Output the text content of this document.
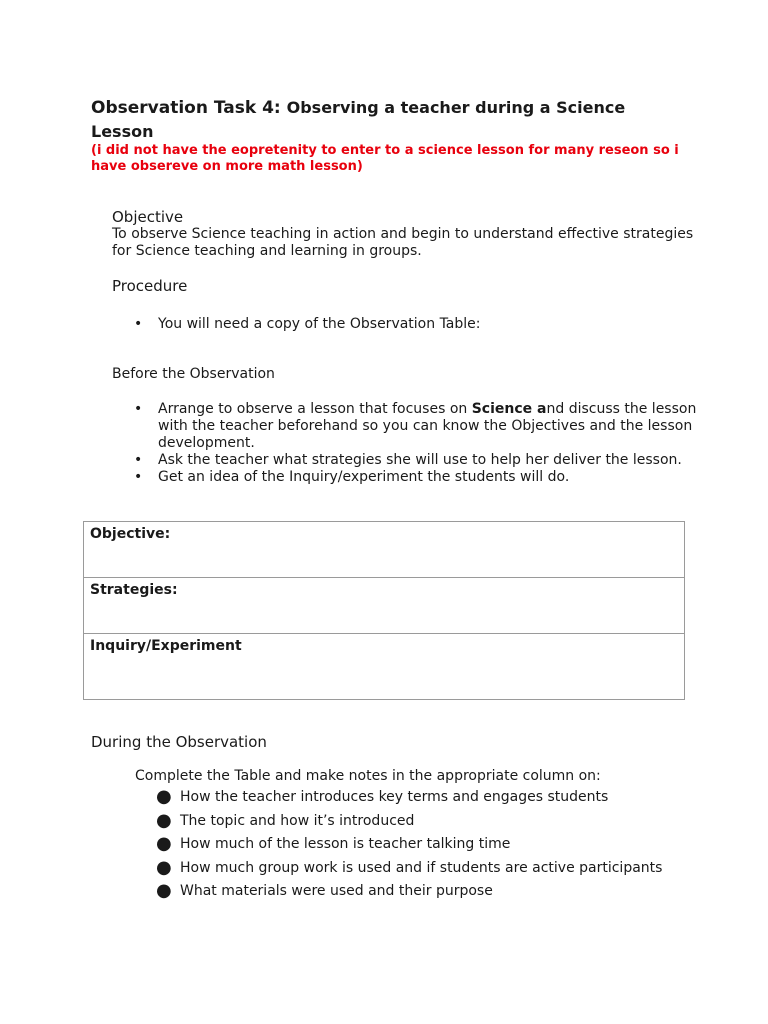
Observation Task 4: Observing a teacher during a Science Lesson
(i did not have the eopretenity to enter to a science lesson for many reseon so i have obsereve on more math lesson)
Objective
To observe Science teaching in action and begin to understand effective strategies for Science teaching and learning in groups.
Procedure
• You will need a copy of the Observation Table:
Before the Observation
• Arrange to observe a lesson that focuses on Science and discuss the lesson with the teacher beforehand so you can know the Objectives and the lesson development.
• Ask the teacher what strategies she will use to help her deliver the lesson.
• Get an idea of the Inquiry/experiment the students will do.
Objective:
Strategies:
Inquiry/Experiment
During the Observation
Complete the Table and make notes in the appropriate column on:
● How the teacher introduces key terms and engages students
● The topic and how it’s introduced
● How much of the lesson is teacher talking time
● How much group work is used and if students are active participants
● What materials were used and their purpose
